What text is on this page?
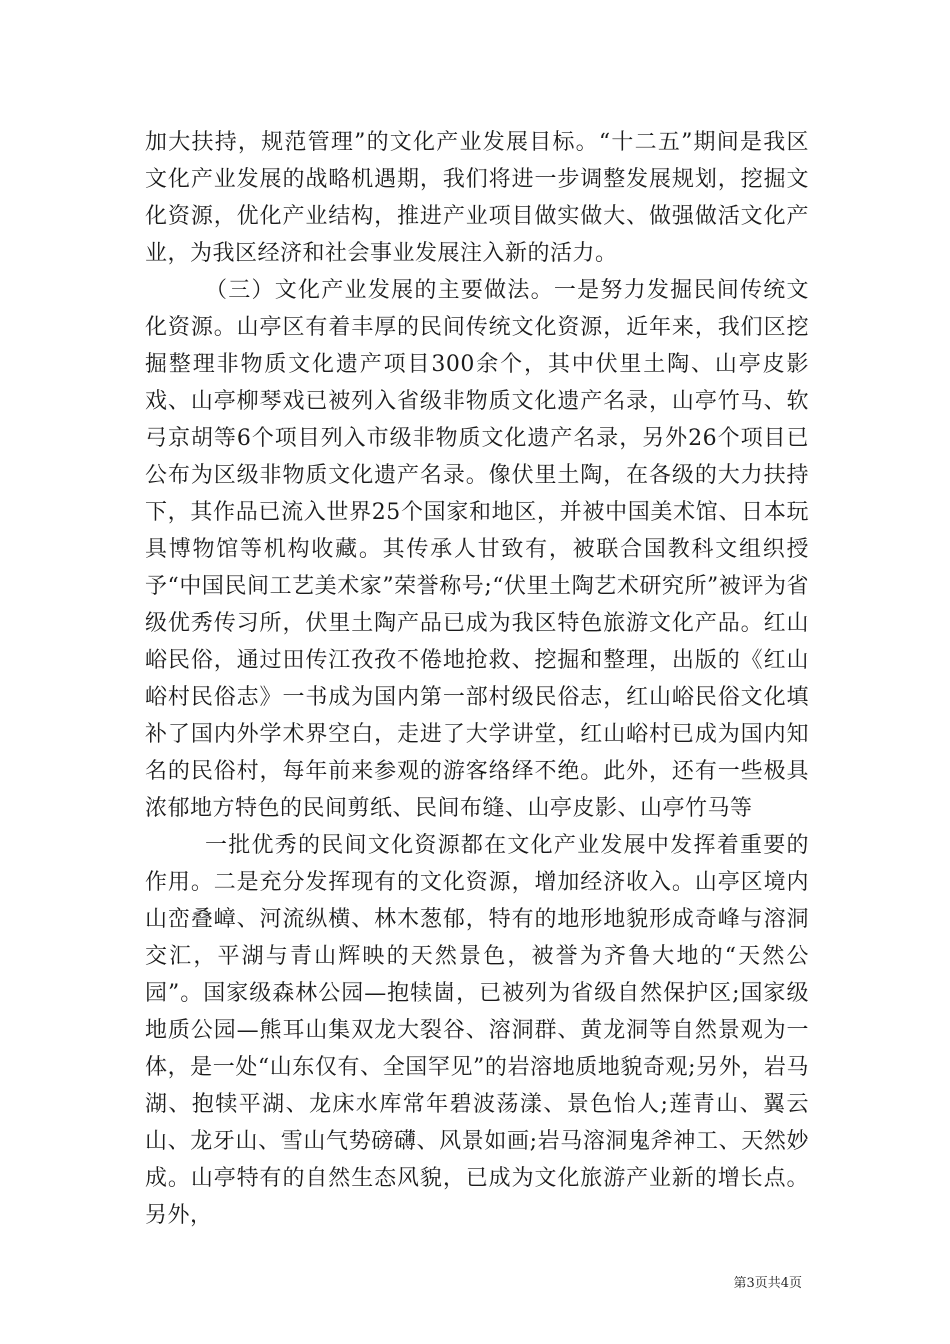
加大扶持，规范管理”的文化产业发展目标。“十二五”期间是我区文化产业发展的战略机遇期，我们将进一步调整发展规划，挖掘文化资源，优化产业结构，推进产业项目做实做大、做强做活文化产业，为我区经济和社会事业发展注入新的活力。

（三）文化产业发展的主要做法。一是努力发掘民间传统文化资源。山亭区有着丰厚的民间传统文化资源，近年来，我们区挖掘整理非物质文化遗产项目300余个，其中伏里土陶、山亭皮影戏、山亭柳琴戏已被列入省级非物质文化遗产名录，山亭竹马、软弓京胡等6个项目列入市级非物质文化遗产名录，另外26个项目已公布为区级非物质文化遗产名录。像伏里土陶，在各级的大力扶持下，其作品已流入世界25个国家和地区，并被中国美术馆、日本玩具博物馆等机构收藏。其传承人甘致有，被联合国教科文组织授予“中国民间工艺美术家”荣誉称号;“伏里土陶艺术研究所”被评为省级优秀传习所，伏里土陶产品已成为我区特色旅游文化产品。红山峪民俗，通过田传江孜孜不倦地抢救、挖掘和整理，出版的《红山峪村民俗志》一书成为国内第一部村级民俗志，红山峪民俗文化填补了国内外学术界空白，走进了大学讲堂，红山峪村已成为国内知名的民俗村，每年前来参观的游客络绎不绝。此外，还有一些极具浓郁地方特色的民间剪纸、民间布缝、山亭皮影、山亭竹马等

一批优秀的民间文化资源都在文化产业发展中发挥着重要的作用。二是充分发挥现有的文化资源，增加经济收入。山亭区境内山峦叠嶂、河流纵横、林木葱郁，特有的地形地貌形成奇峰与溶洞交汇，平湖与青山辉映的天然景色，被誉为齐鲁大地的“天然公园”。国家级森林公园—抱犊崮，已被列为省级自然保护区;国家级地质公园—熊耳山集双龙大裂谷、溶洞群、黄龙洞等自然景观为一体，是一处“山东仅有、全国罕见”的岩溶地质地貌奇观;另外，岩马湖、抱犊平湖、龙床水库常年碧波荡漾、景色怡人;莲青山、翼云山、龙牙山、雪山气势磅礴、风景如画;岩马溶洞鬼斧神工、天然妙成。山亭特有的自然生态风貌，已成为文化旅游产业新的增长点。另外，

第3页共4页
